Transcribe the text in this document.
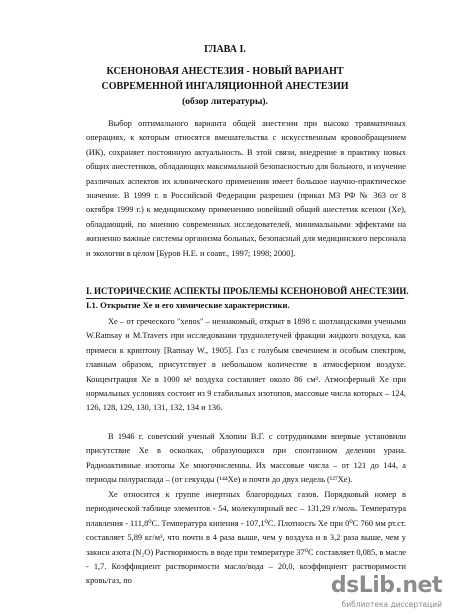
ГЛАВА I.
КСЕНОНОВАЯ АНЕСТЕЗИЯ - НОВЫЙ ВАРИАНТ
СОВРЕМЕННОЙ ИНГАЛЯЦИОННОЙ АНЕСТЕЗИИ
(обзор литературы).

Выбор оптимального варианта общей анестезии при высоко травматичных операциях, к которым относятся вмешательства с искусственным кровообращением (ИК), сохраняет постоянную актуальность. В этой связи, внедрение в практику новых общих анестетиков, обладающих максимальной безопасностью для больного, и изучение различных аспектов их клинического применения имеет большое научно-практическое значение. В 1999 г. в Российской Федерации разрешен (приказ МЗ РФ № 363 от 8 октября 1999 г.) к медицинскому применению новейший общий анестетик ксенон (Хе), обладающий, по мнению современных исследователей, минимальными эффектами на жизненно важные системы организма больных, безопасный для медицинского персонала и экологии в целом [Буров Н.Е. и соавт., 1997; 1998; 2000].

I. ИСТОРИЧЕСКИЕ АСПЕКТЫ ПРОБЛЕМЫ КСЕНОНОВОЙ АНЕСТЕЗИИ.
I.1. Открытие Хе и его химические характеристики.

Хе – от греческого "xenos" – незнакомый, открыт в 1898 г. шотландскими учеными W.Ramsay и M.Travers при исследовании труднолетучей фракции жидкого воздуха, как примеси к криптону [Ramsay W., 1905]. Газ с голубым свечением и особым спектром, главным образом, присутствует в небольшом количестве в атмосферном воздухе. Концентрация Хе в 1000 м³ воздуха составляет около 86 см³. Атмосферный Хе при нормальных условиях состоит из 9 стабильных изотопов, массовые числа которых – 124, 126, 128, 129, 130, 131, 132, 134 и 136.

В 1946 г. советский ученый Хлопин В.Г. с сотрудниками впервые установили присутствие Хе в осколках, образующихся при спонтанном делении урана. Радиоактивные изотопы Хе многочисленны. Их массовые числа – от 121 до 144, а периоды полураспада – (от секунды (¹⁴⁴Хе) и почти до двух недель (¹²⁷Хе).

Хе относится к группе инертных благородных газов. Порядковый номер в периодической таблице элементов - 54, молекулярный вес – 131,29 г/моль. Температура плавления - 111,8⁰С. Температура кипения - 107,1⁰С. Плотность Хе при 0⁰С 760 мм рт.ст. составляет 5,89 кг/м³, что почти в 4 раза выше, чем у воздуха и в 3,2 раза выше, чем у закиси азота (N₂O) Растворимость в воде при температуре 37⁰С составляет 0,085, в масле - 1,7. Коэффициент растворимости масло/вода – 20,0, коэффициент растворимости кровь/газ, по	dsLib.net
библиотека диссертаций
